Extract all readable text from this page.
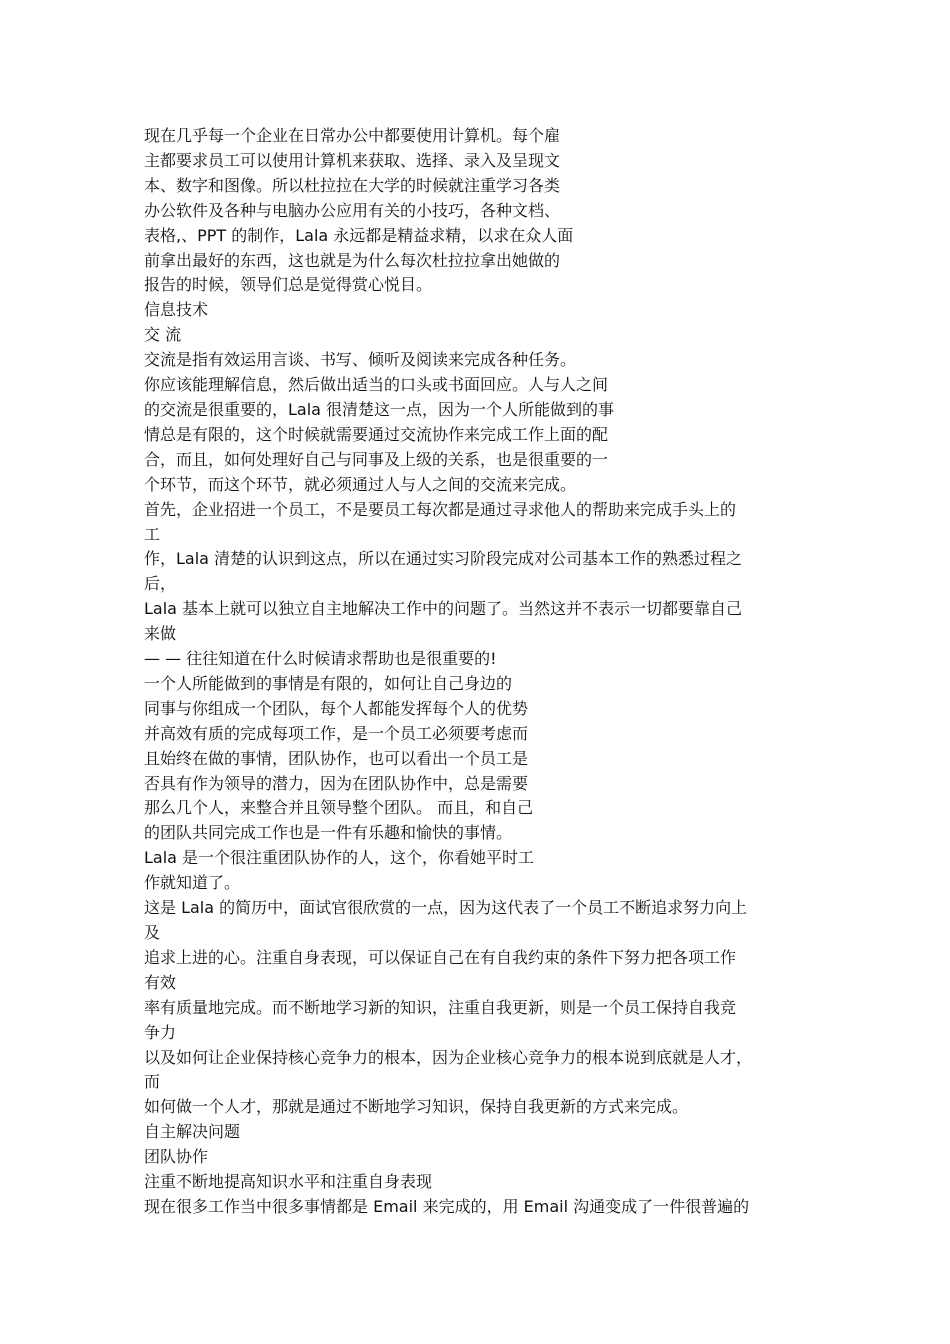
现在几乎每一个企业在日常办公中都要使用计算机。每个雇
主都要求员工可以使用计算机来获取、选择、录入及呈现文
本、数字和图像。所以杜拉拉在大学的时候就注重学习各类
办公软件及各种与电脑办公应用有关的小技巧，各种文档、
表格,、PPT 的制作，Lala 永远都是精益求精，以求在众人面
前拿出最好的东西，这也就是为什么每次杜拉拉拿出她做的
报告的时候，领导们总是觉得赏心悦目。
信息技术
交 流
交流是指有效运用言谈、书写、倾听及阅读来完成各种任务。
你应该能理解信息，然后做出适当的口头或书面回应。人与人之间
的交流是很重要的，Lala 很清楚这一点，因为一个人所能做到的事
情总是有限的，这个时候就需要通过交流协作来完成工作上面的配
合，而且，如何处理好自己与同事及上级的关系，也是很重要的一
个环节，而这个环节，就必须通过人与人之间的交流来完成。
首先，企业招进一个员工，不是要员工每次都是通过寻求他人的帮助来完成手头上的
工
作，Lala 清楚的认识到这点，所以在通过实习阶段完成对公司基本工作的熟悉过程之
后，
Lala 基本上就可以独立自主地解决工作中的问题了。当然这并不表示一切都要靠自己
来做
— — 往往知道在什么时候请求帮助也是很重要的!
一个人所能做到的事情是有限的，如何让自己身边的
同事与你组成一个团队，每个人都能发挥每个人的优势
并高效有质的完成每项工作，是一个员工必须要考虑而
且始终在做的事情，团队协作，也可以看出一个员工是
否具有作为领导的潜力，因为在团队协作中，总是需要
那么几个人，来整合并且领导整个团队。 而且，和自己
的团队共同完成工作也是一件有乐趣和愉快的事情。
Lala 是一个很注重团队协作的人，这个，你看她平时工
作就知道了。
这是 Lala 的简历中，面试官很欣赏的一点，因为这代表了一个员工不断追求努力向上
及
追求上进的心。注重自身表现，可以保证自己在有自我约束的条件下努力把各项工作
有效
率有质量地完成。而不断地学习新的知识，注重自我更新，则是一个员工保持自我竞
争力
以及如何让企业保持核心竞争力的根本，因为企业核心竞争力的根本说到底就是人才，
而
如何做一个人才，那就是通过不断地学习知识，保持自我更新的方式来完成。
自主解决问题
团队协作
注重不断地提高知识水平和注重自身表现
现在很多工作当中很多事情都是 Email 来完成的，用 Email 沟通变成了一件很普遍的
